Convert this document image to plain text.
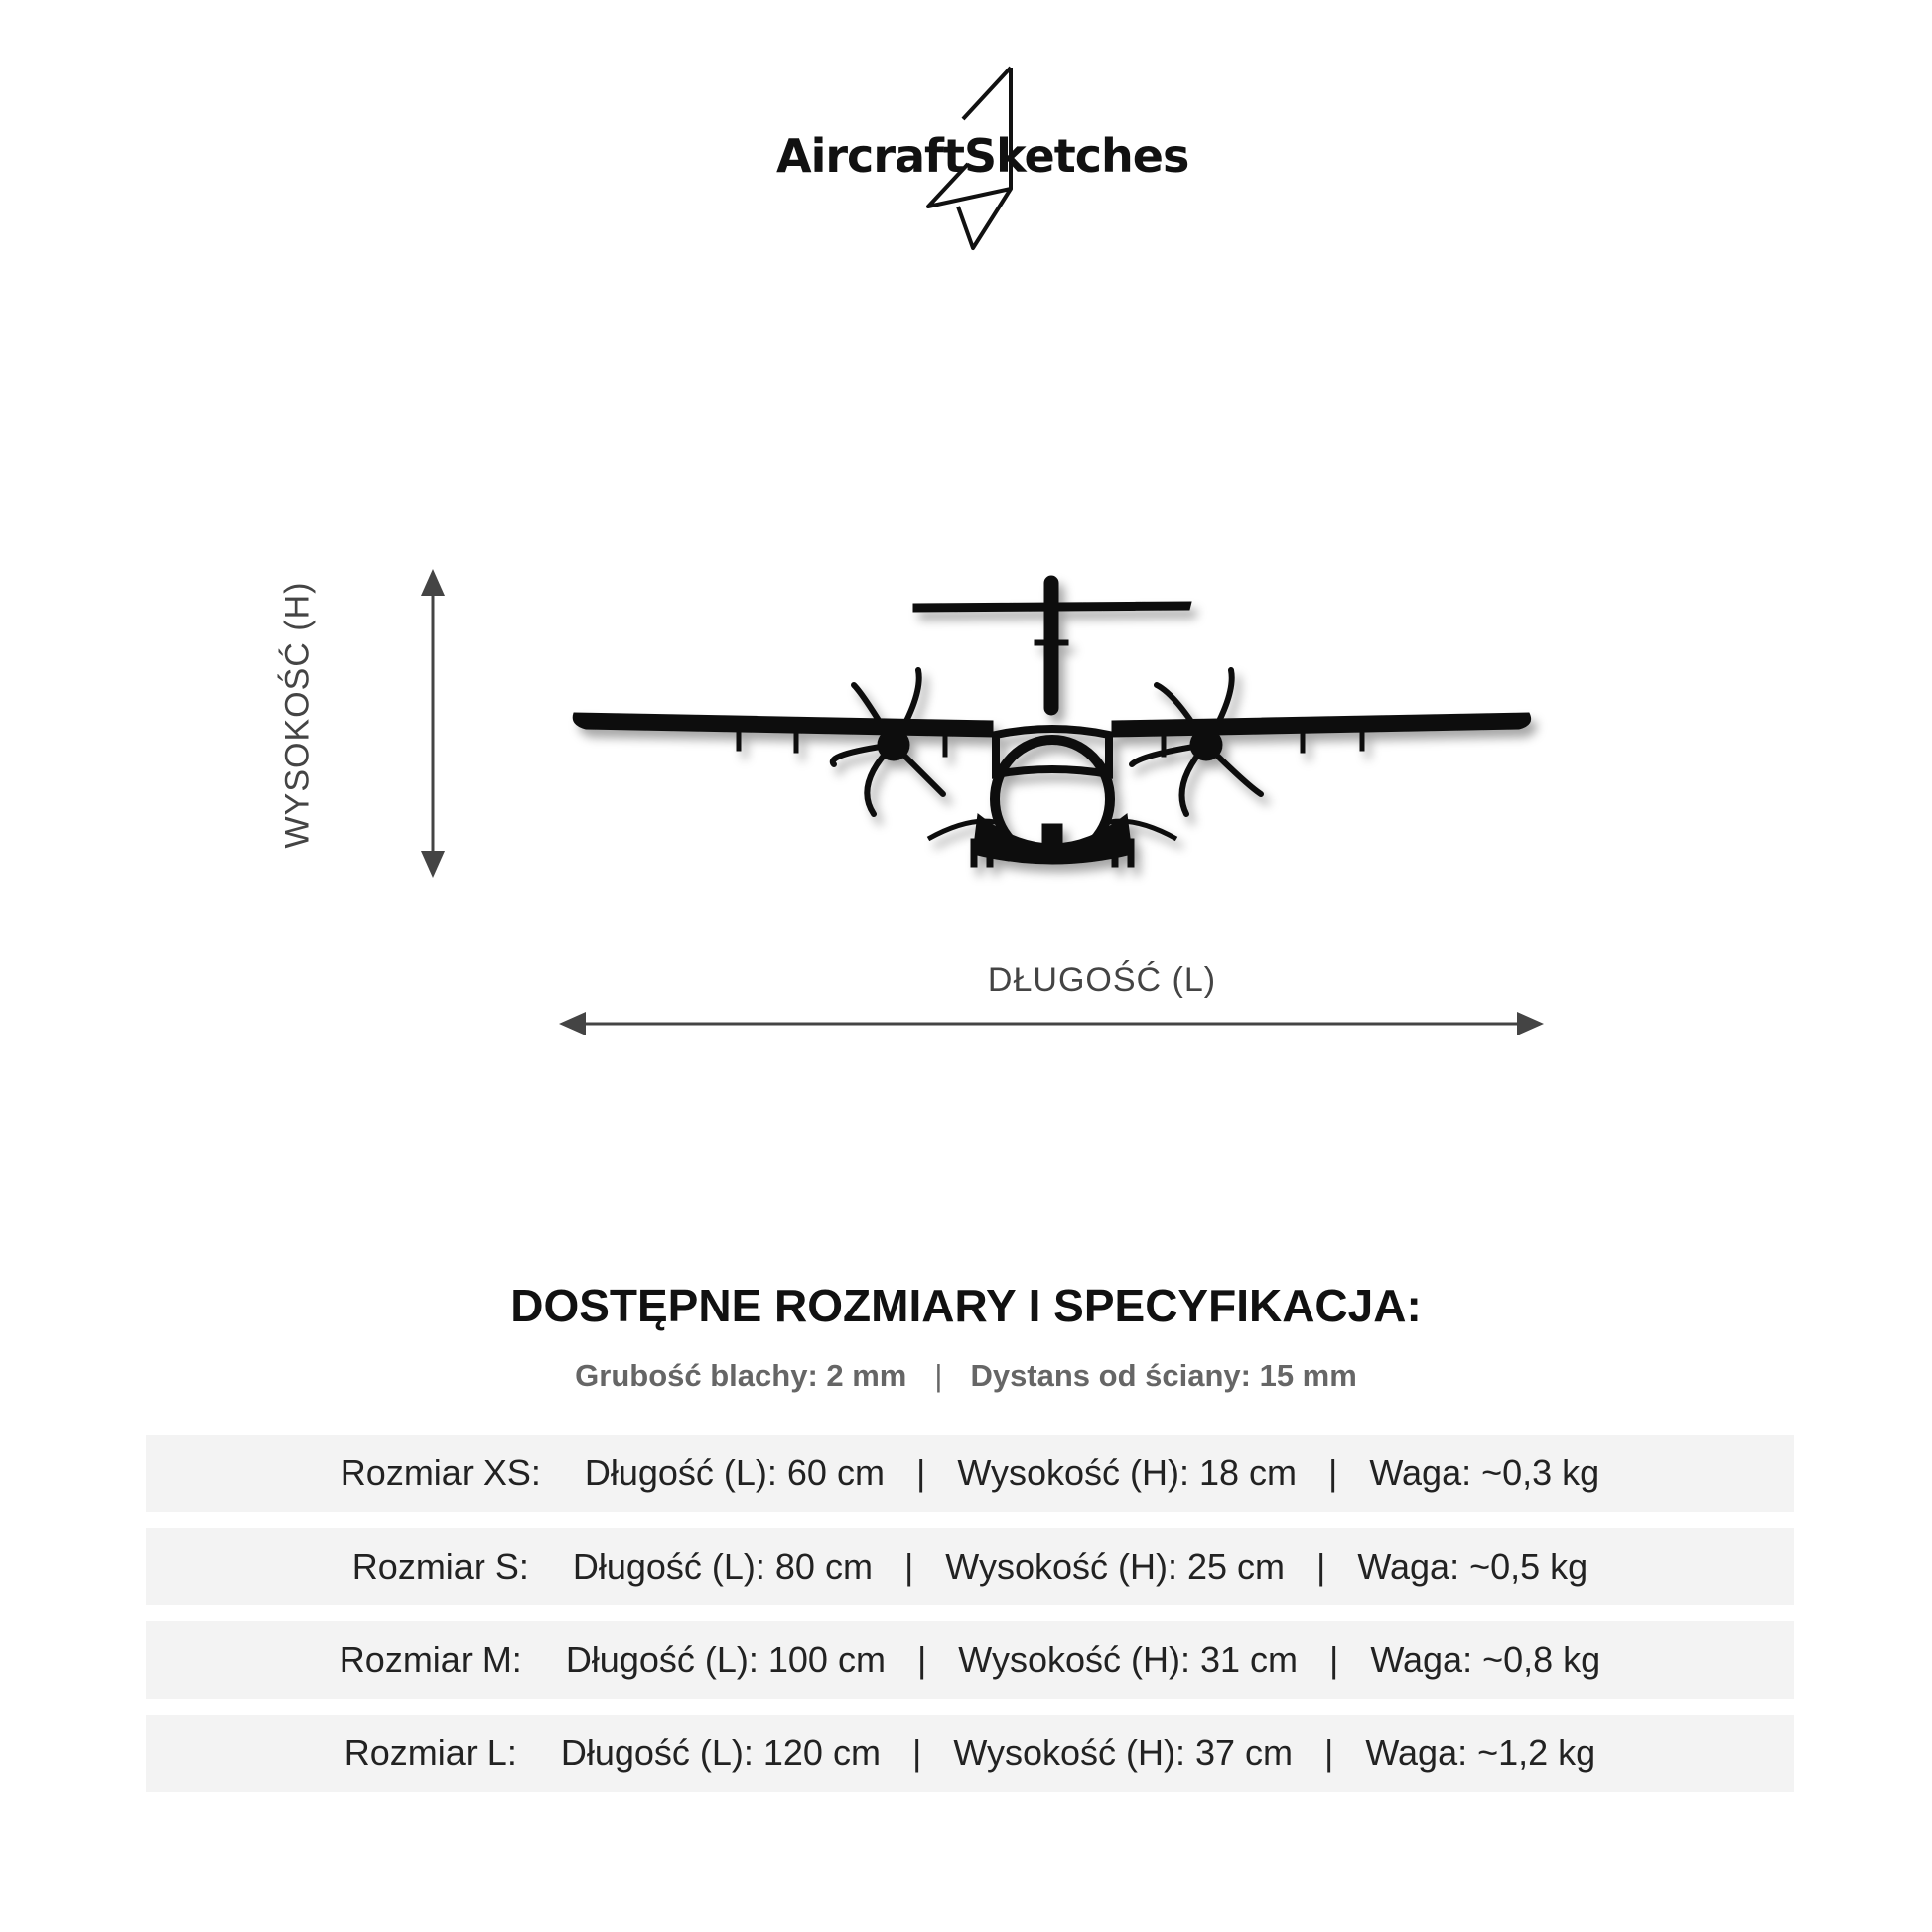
AircraftSketches
WYSOKOŚĆ (H)
DŁUGOŚĆ (L)
DOSTĘPNE ROZMIARY I SPECYFIKACJA:
Grubość blachy: 2 mm | Dystans od ściany: 15 mm
Rozmiar XS: Długość (L): 60 cm | Wysokość (H): 18 cm | Waga: ~0,3 kg
Rozmiar S: Długość (L): 80 cm | Wysokość (H): 25 cm | Waga: ~0,5 kg
Rozmiar M: Długość (L): 100 cm | Wysokość (H): 31 cm | Waga: ~0,8 kg
Rozmiar L: Długość (L): 120 cm | Wysokość (H): 37 cm | Waga: ~1,2 kg
